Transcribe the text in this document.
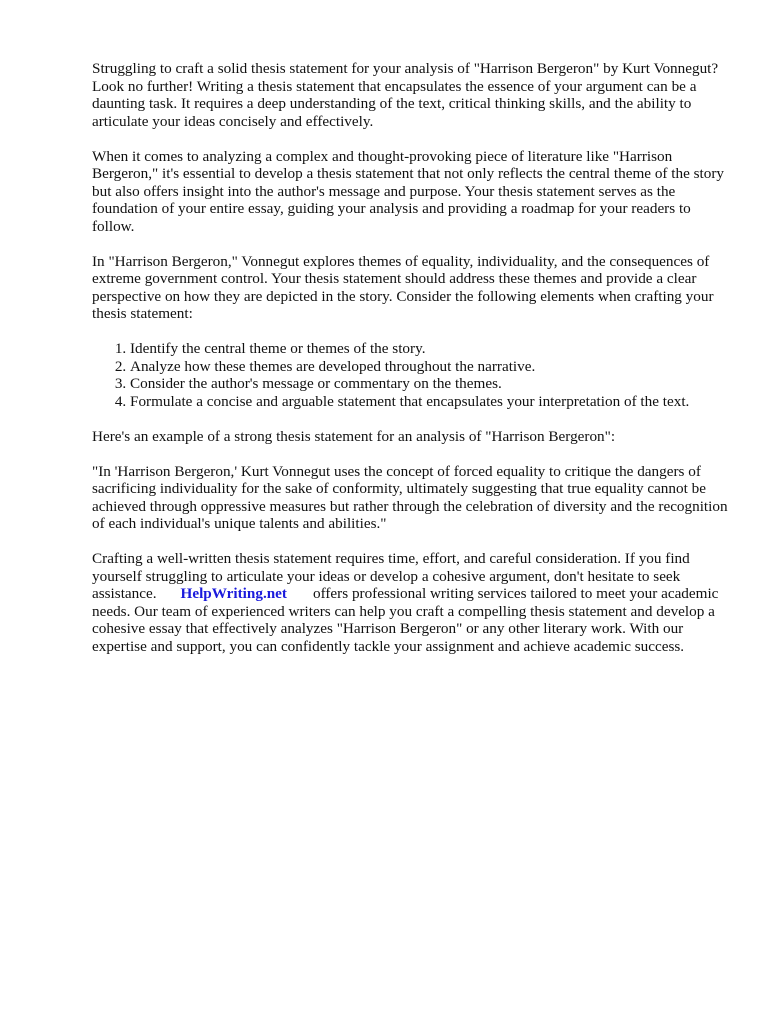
Struggling to craft a solid thesis statement for your analysis of "Harrison Bergeron" by Kurt Vonnegut? Look no further! Writing a thesis statement that encapsulates the essence of your argument can be a daunting task. It requires a deep understanding of the text, critical thinking skills, and the ability to articulate your ideas concisely and effectively.

When it comes to analyzing a complex and thought-provoking piece of literature like "Harrison Bergeron," it's essential to develop a thesis statement that not only reflects the central theme of the story but also offers insight into the author's message and purpose. Your thesis statement serves as the foundation of your entire essay, guiding your analysis and providing a roadmap for your readers to follow.

In "Harrison Bergeron," Vonnegut explores themes of equality, individuality, and the consequences of extreme government control. Your thesis statement should address these themes and provide a clear perspective on how they are depicted in the story. Consider the following elements when crafting your thesis statement:

1. Identify the central theme or themes of the story.
2. Analyze how these themes are developed throughout the narrative.
3. Consider the author's message or commentary on the themes.
4. Formulate a concise and arguable statement that encapsulates your interpretation of the text.

Here's an example of a strong thesis statement for an analysis of "Harrison Bergeron":

"In 'Harrison Bergeron,' Kurt Vonnegut uses the concept of forced equality to critique the dangers of sacrificing individuality for the sake of conformity, ultimately suggesting that true equality cannot be achieved through oppressive measures but rather through the celebration of diversity and the recognition of each individual's unique talents and abilities."

Crafting a well-written thesis statement requires time, effort, and careful consideration. If you find yourself struggling to articulate your ideas or develop a cohesive argument, don't hesitate to seek assistance. HelpWriting.net offers professional writing services tailored to meet your academic needs. Our team of experienced writers can help you craft a compelling thesis statement and develop a cohesive essay that effectively analyzes "Harrison Bergeron" or any other literary work. With our expertise and support, you can confidently tackle your assignment and achieve academic success.
